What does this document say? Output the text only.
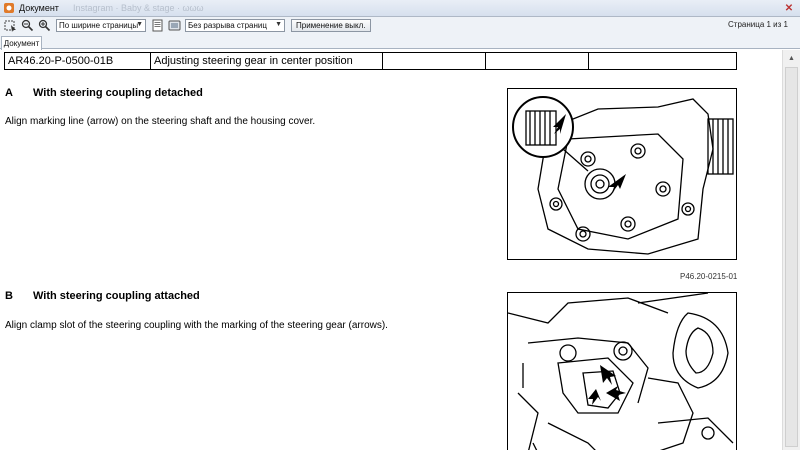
Документ Instagram · Baby & stage · ωωω	✕
По ширине страницы
▼	Без разрыва страниц ▼	Применение выкл.	Страница 1 из 1
Документ
AR46.20-P-0500-01B	Adjusting steering gear in center position			
A With steering coupling detached
Align marking line (arrow) on the steering shaft and the housing cover.
P46.20-0215-01
B With steering coupling attached
Align clamp slot of the steering coupling with the marking of the steering gear (arrows).
▲
